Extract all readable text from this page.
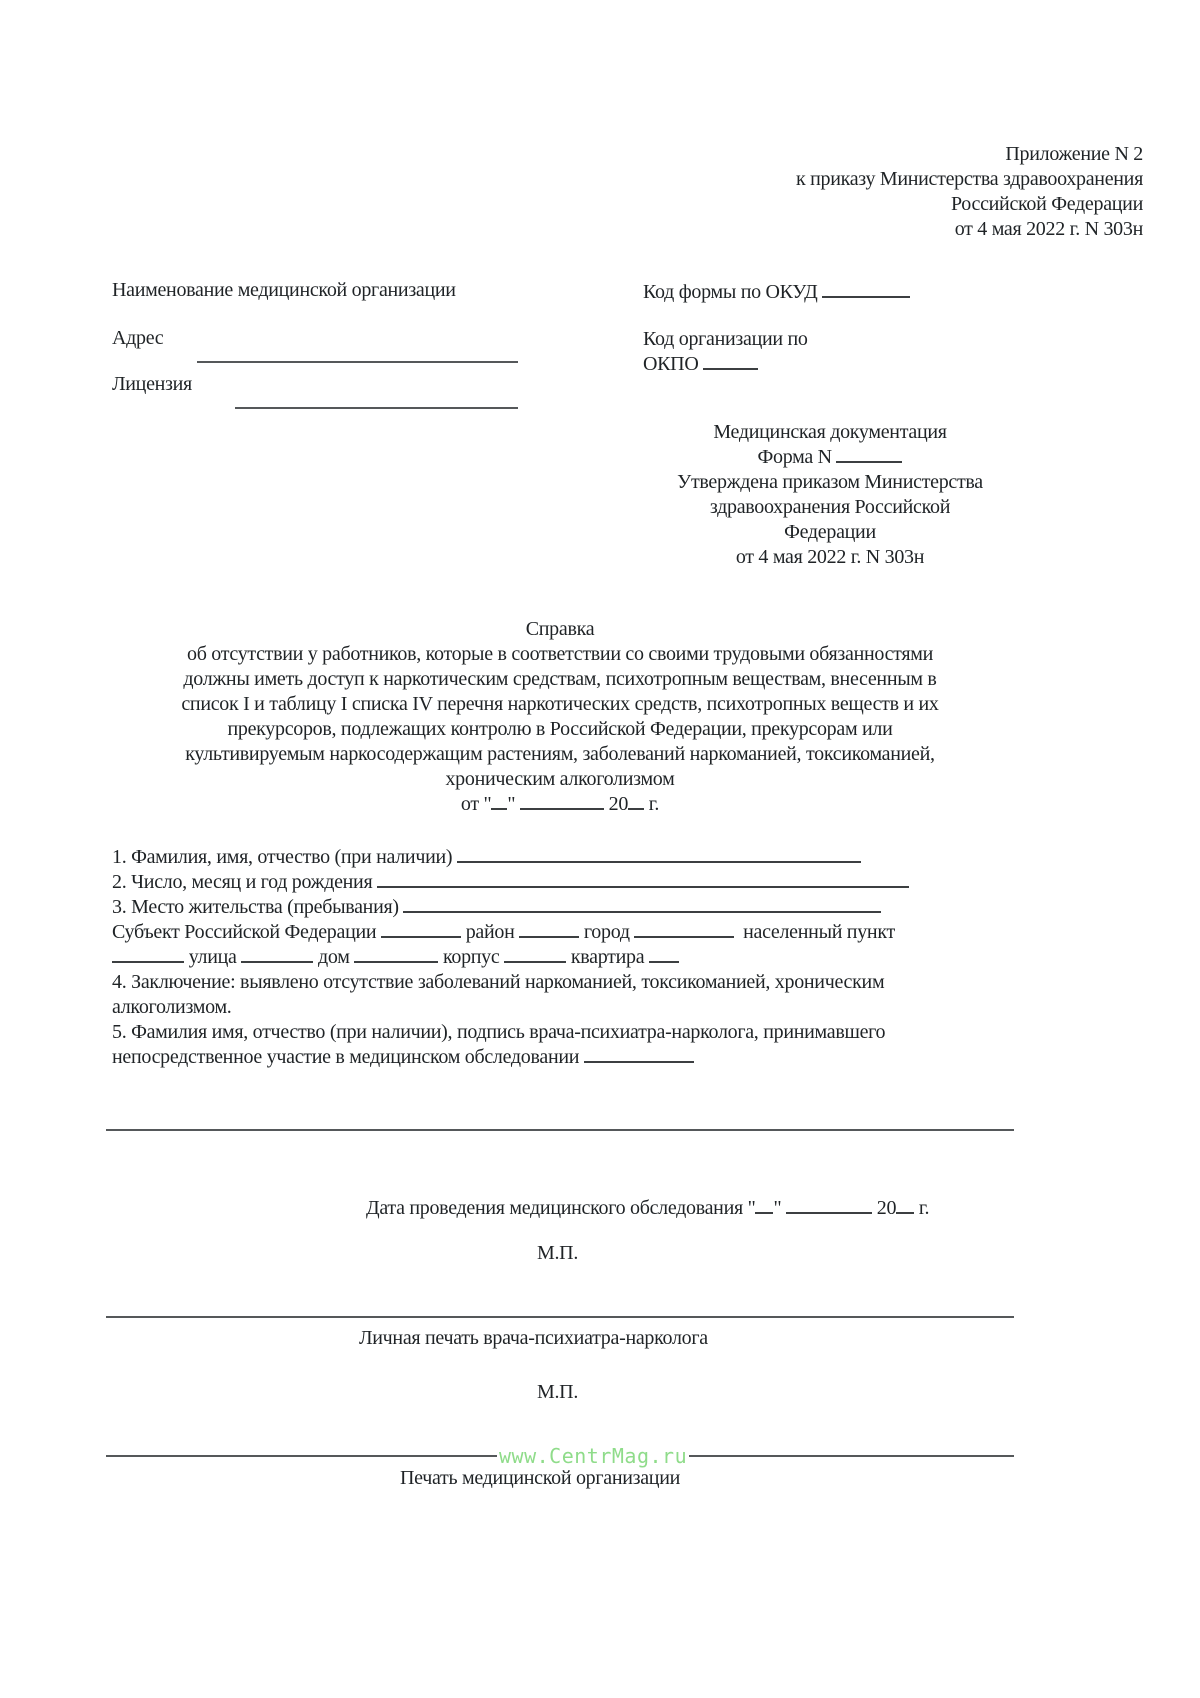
Приложение N 2
к приказу Министерства здравоохранения
Российской Федерации
от 4 мая 2022 г. N 303н
Наименование медицинской организации
Адрес
Лицензия
Код формы по ОКУД
Код организации по
ОКПО
Медицинская документация
Форма N
Утверждена приказом Министерства
здравоохранения Российской
Федерации
от 4 мая 2022 г. N 303н
Справка
об отсутствии у работников, которые в соответствии со своими трудовыми обязанностями
должны иметь доступ к наркотическим средствам, психотропным веществам, внесенным в
список I и таблицу I списка IV перечня наркотических средств, психотропных веществ и их
прекурсоров, подлежащих контролю в Российской Федерации, прекурсорам или
культивируемым наркосодержащим растениям, заболеваний наркоманией, токсикоманией,
хроническим алкоголизмом
от " "	20 г.
1. Фамилия, имя, отчество (при наличии)
2. Число, месяц и год рождения
3. Место жительства (пребывания)
Субъект Российской Федерации	район	город	населенный пункт
улица	дом	корпус	квартира
4. Заключение: выявлено отсутствие заболеваний наркоманией, токсикоманией, хроническим
алкоголизмом.
5. Фамилия имя, отчество (при наличии), подпись врача-психиатра-нарколога, принимавшего
непосредственное участие в медицинском обследовании
Дата проведения медицинского обследования " "	20 г.
М.П.
Личная печать врача-психиатра-нарколога
М.П.
www.CentrMag.ru
Печать медицинской организации
